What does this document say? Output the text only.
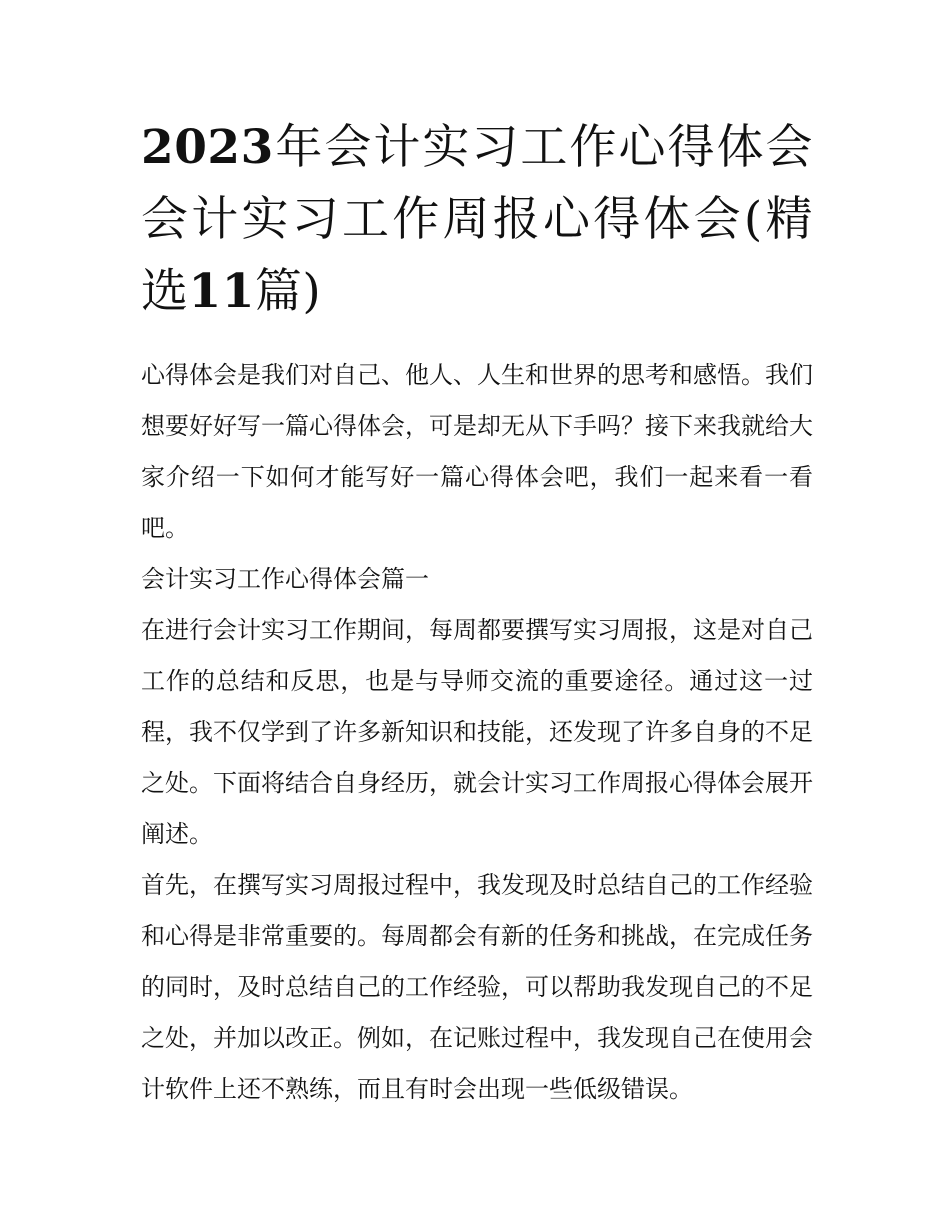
2023年会计实习工作心得体会 会计实习工作周报心得体会(精选11篇)

心得体会是我们对自己、他人、人生和世界的思考和感悟。我们想要好好写一篇心得体会，可是却无从下手吗？接下来我就给大家介绍一下如何才能写好一篇心得体会吧，我们一起来看一看吧。

会计实习工作心得体会篇一

在进行会计实习工作期间，每周都要撰写实习周报，这是对自己工作的总结和反思，也是与导师交流的重要途径。通过这一过程，我不仅学到了许多新知识和技能，还发现了许多自身的不足之处。下面将结合自身经历，就会计实习工作周报心得体会展开阐述。

首先，在撰写实习周报过程中，我发现及时总结自己的工作经验和心得是非常重要的。每周都会有新的任务和挑战，在完成任务的同时，及时总结自己的工作经验，可以帮助我发现自己的不足之处，并加以改正。例如，在记账过程中，我发现自己在使用会计软件上还不熟练，而且有时会出现一些低级错误。
